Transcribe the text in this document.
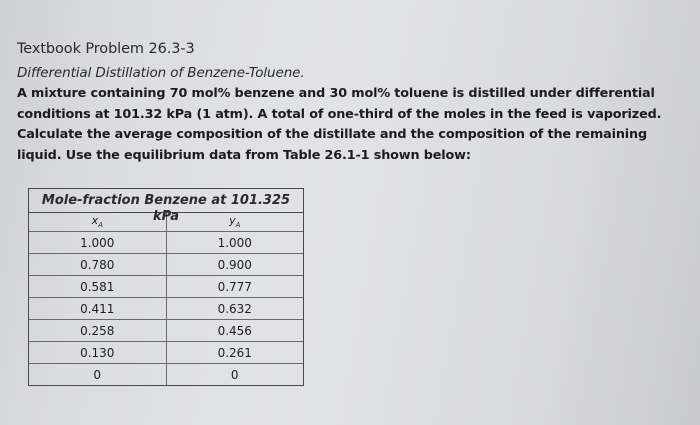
Textbook Problem 26.3-3

Differential Distillation of Benzene-Toluene.

A mixture containing 70 mol% benzene and 30 mol% toluene is distilled under differential conditions at 101.32 kPa (1 atm). A total of one-third of the moles in the feed is vaporized. Calculate the average composition of the distillate and the composition of the remaining liquid. Use the equilibrium data from Table 26.1-1 shown below:

Mole-fraction Benzene at 101.325 kPa
$x_A$	$y_A$
1.000	1.000
0.780	0.900
0.581	0.777
0.411	0.632
0.258	0.456
0.130	0.261
0	0
